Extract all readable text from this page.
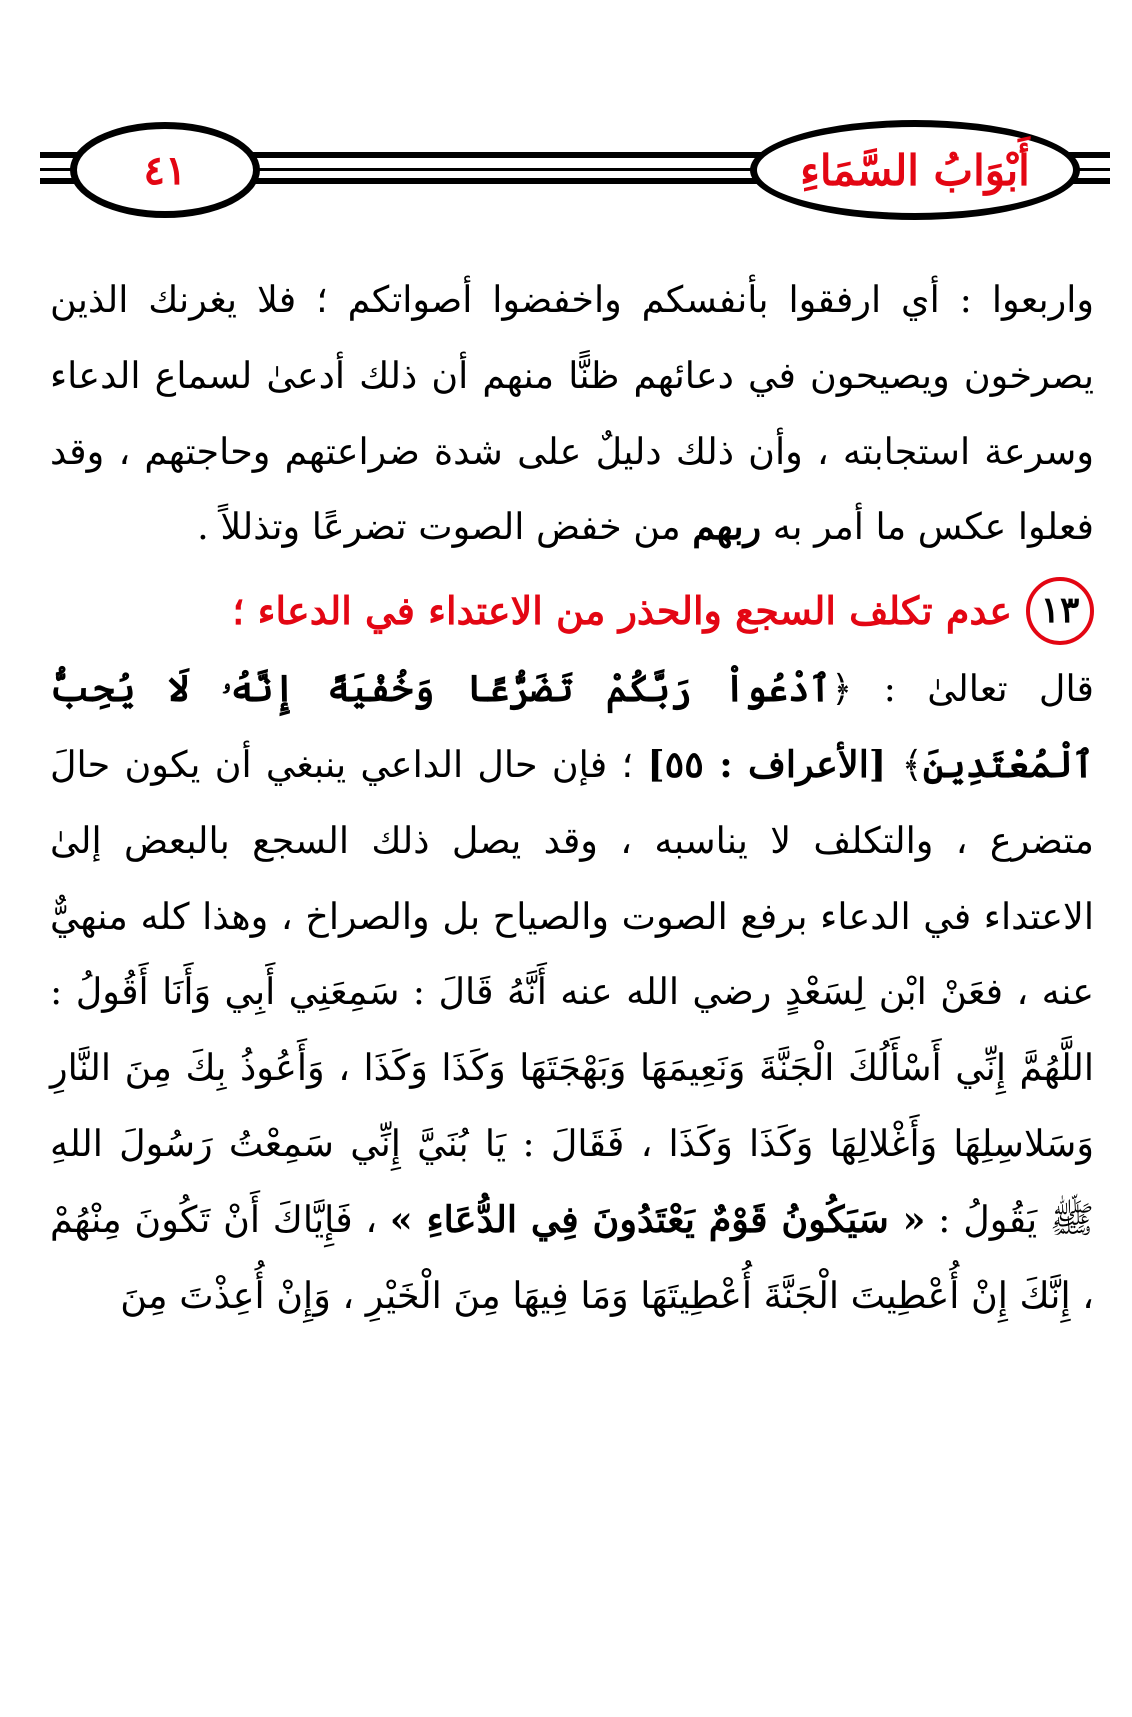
٤١	أَبْوَابُ السَّمَاءِ

واربعوا : أي ارفقوا بأنفسكم واخفضوا أصواتكم ؛ فلا يغرنك الذين يصرخون ويصيحون في دعائهم ظنًّا منهم أن ذلك أدعىٰ لسماع الدعاء وسرعة استجابته ، وأن ذلك دليلٌ على شدة ضراعتهم وحاجتهم ، وقد فعلوا عكس ما أمر به ربهم من خفض الصوت تضرعًا وتذللاً .

١٣
عدم تكلف السجع والحذر من الاعتداء في الدعاء ؛

قال تعالىٰ : ﴿ٱدْعُواْ رَبَّكُمْ تَضَرُّعًا وَخُفْيَةً إِنَّهُۥ لَا يُحِبُّ ٱلْمُعْتَدِينَ﴾ [الأعراف : ٥٥] ؛ فإن حال الداعي ينبغي أن يكون حالَ متضرع ، والتكلف لا يناسبه ، وقد يصل ذلك السجع بالبعض إلىٰ الاعتداء في الدعاء برفع الصوت والصياح بل والصراخ ، وهذا كله منهيٌّ عنه ، فعَنْ ابْن لِسَعْدٍ رضي الله عنه أَنَّهُ قَالَ : سَمِعَنِي أَبِي وَأَنَا أَقُولُ : اللَّهُمَّ إِنِّي أَسْأَلُكَ الْجَنَّةَ وَنَعِيمَهَا وَبَهْجَتَهَا وَكَذَا وَكَذَا ، وَأَعُوذُ بِكَ مِنَ النَّارِ وَسَلاسِلِهَا وَأَغْلالِهَا وَكَذَا وَكَذَا ، فَقَالَ : يَا بُنَيَّ إِنِّي سَمِعْتُ رَسُولَ اللهِ ﷺ يَقُولُ : « سَيَكُونُ قَوْمٌ يَعْتَدُونَ فِي الدُّعَاءِ » ، فَإِيَّاكَ أَنْ تَكُونَ مِنْهُمْ ، إِنَّكَ إِنْ أُعْطِيتَ الْجَنَّةَ أُعْطِيتَهَا وَمَا فِيهَا مِنَ الْخَيْرِ ، وَإِنْ أُعِذْتَ مِنَ
